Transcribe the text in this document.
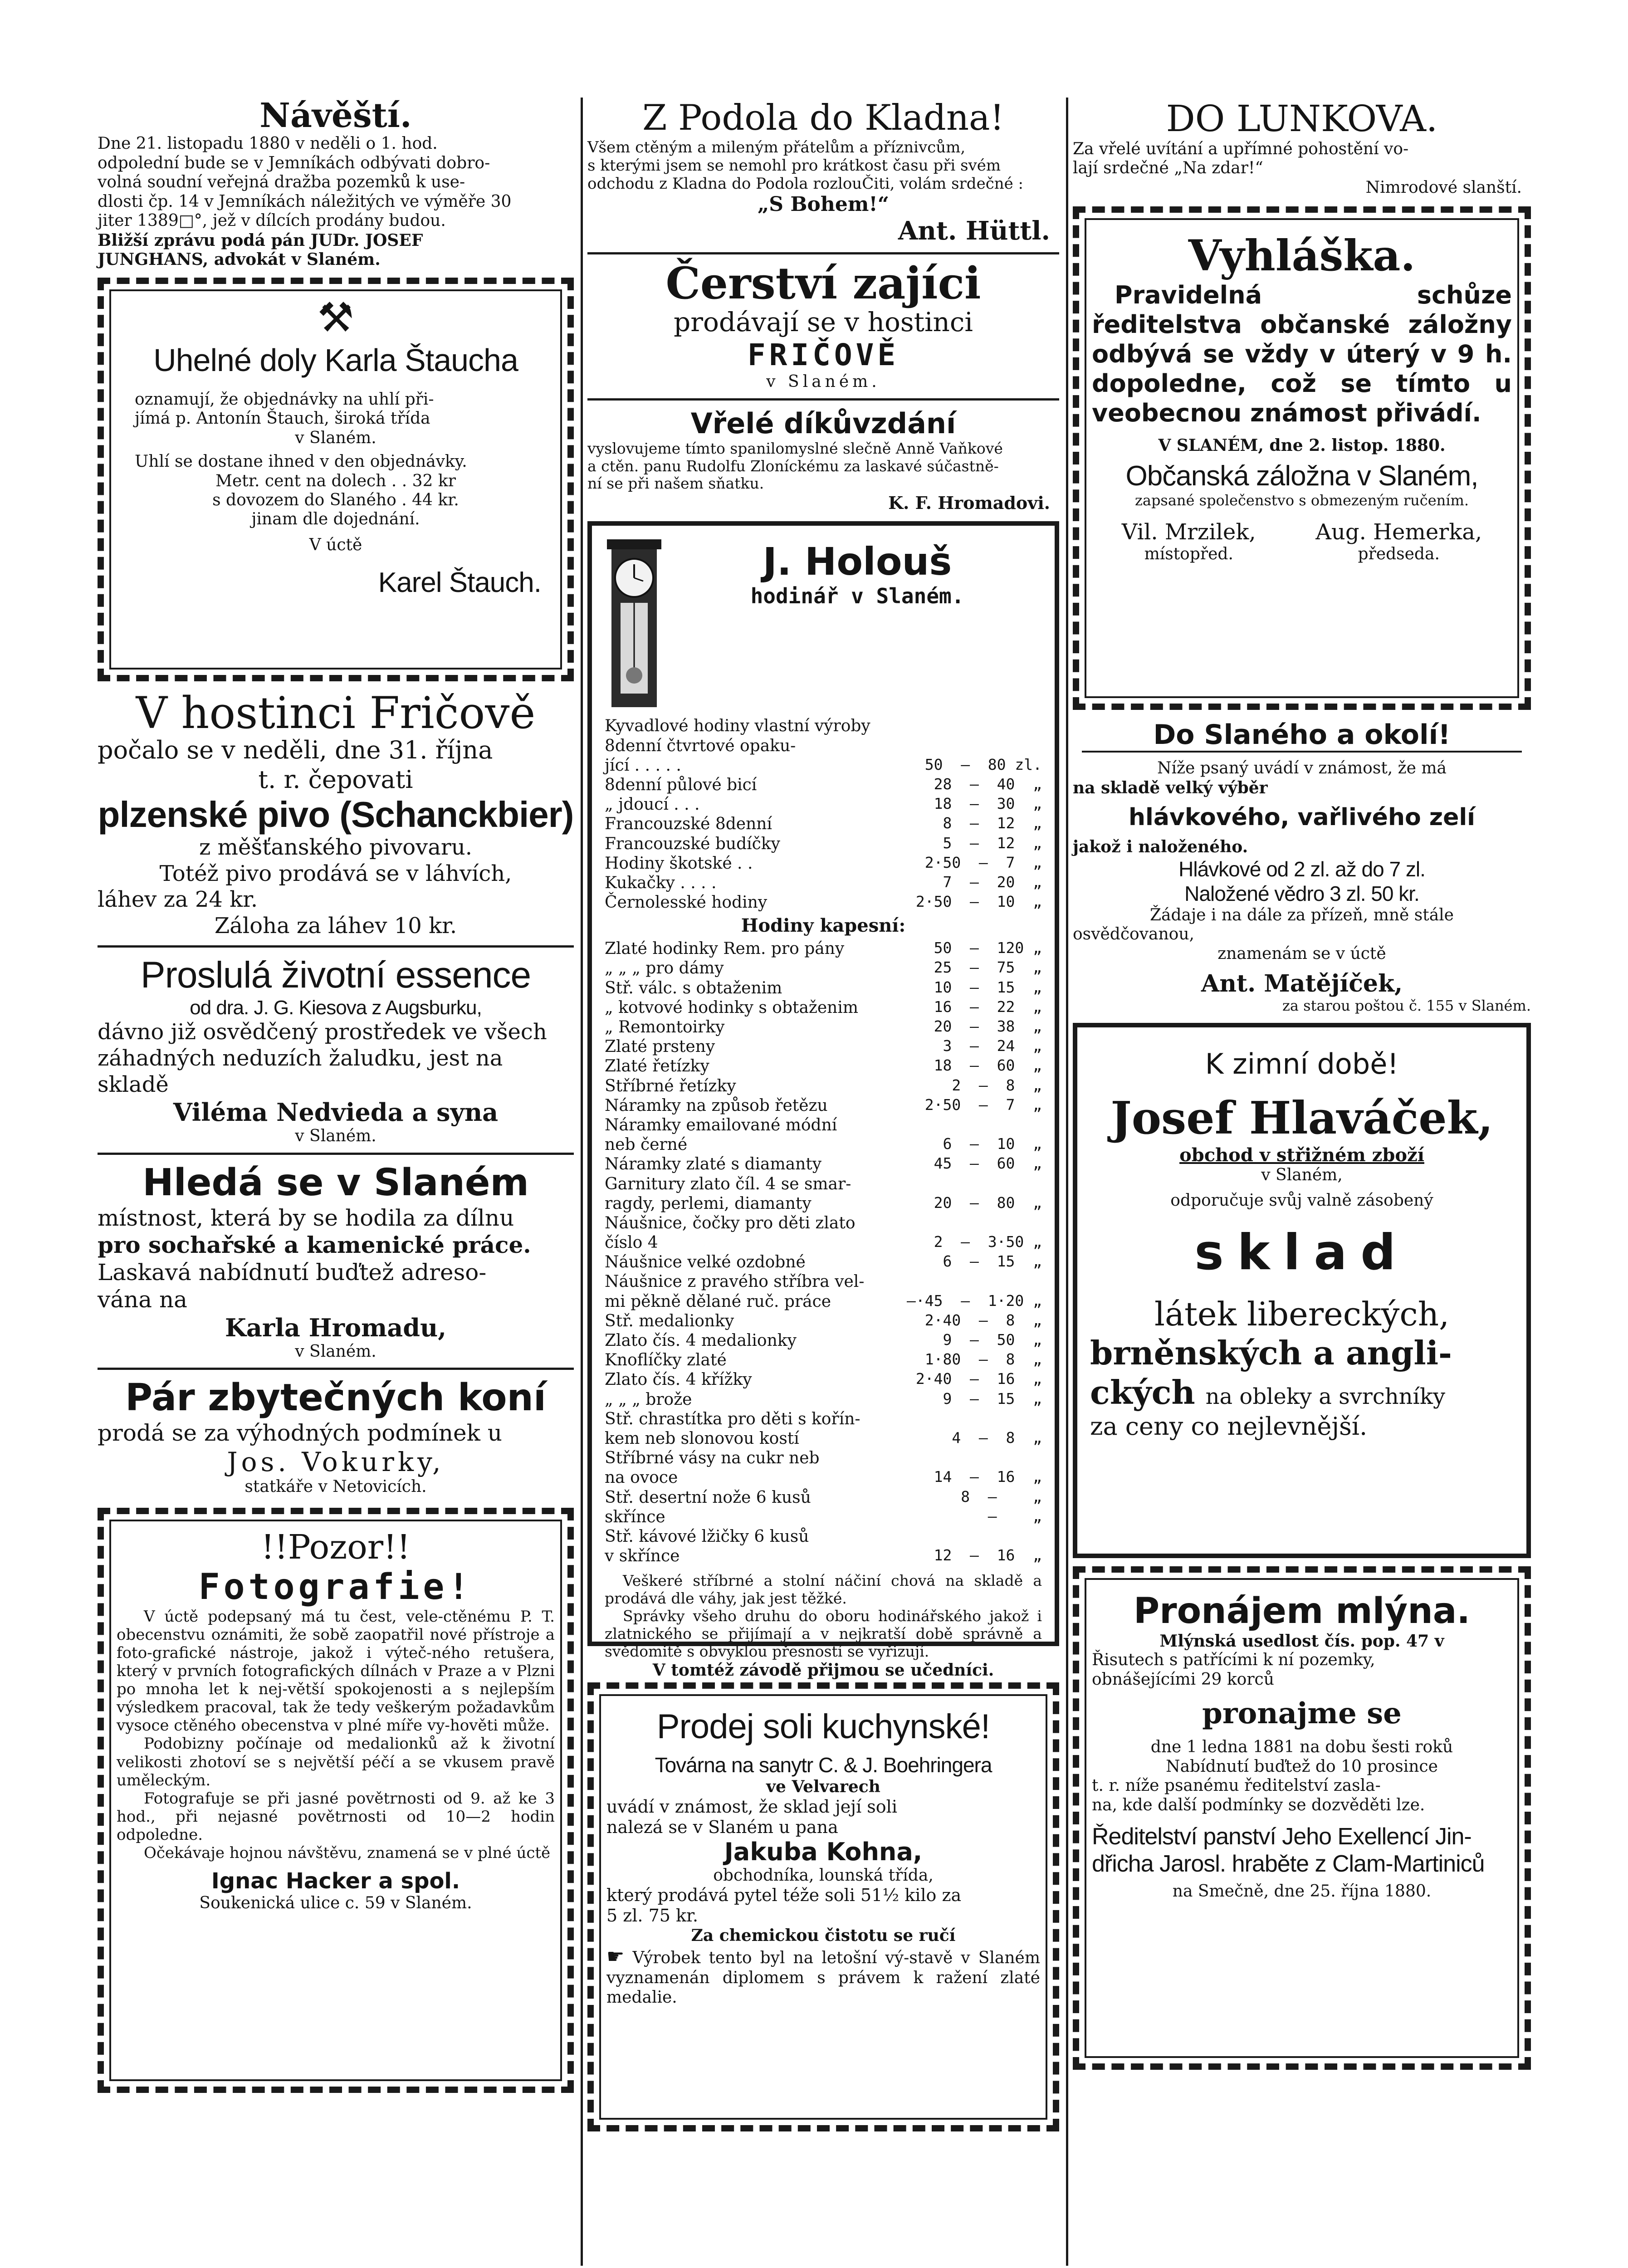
Návěští.

Dne 21. listopadu 1880 v neděli o 1. hod.

odpolední bude se v Jemníkách odbývati dobro-

volná soudní veřejná dražba pozemků k use-

dlosti čp. 14 v Jemníkách náležitých ve výměře 30

jiter 1389□°, jež v dílcích prodány budou.

Bližší zprávu podá pán JUDr. JOSEF

JUNGHANS, advokát v Slaném.

⚒

Uhelné doly Karla Štaucha

oznamují, že objednávky na uhlí při-

jímá p. Antonín Štauch, široká třída

v Slaném.

Uhlí se dostane ihned v den objednávky.

Metr. cent na dolech . . 32 kr

s dovozem do Slaného . 44 kr.

jinam dle dojednání.

V úctě

Karel Štauch.

V hostinci Fričově

počalo se v neděli, dne 31. října

t. r. čepovati

plzenské pivo (Schanckbier)

z měšťanského pivovaru.

Totéž pivo prodává se v láhvích,

láhev za 24 kr.

Záloha za láhev 10 kr.

Proslulá životní essence

od dra. J. G. Kiesova z Augsburku,

dávno již osvědčený prostředek ve všech

záhadných neduzích žaludku, jest na

skladě

Viléma Nedvieda a syna

v Slaném.

Hledá se v Slaném

místnost, která by se hodila za dílnu

pro sochařské a kamenické práce.

Laskavá nabídnutí buďtež adreso-

vána na

Karla Hromadu,

v Slaném.

Pár zbytečných koní

prodá se za výhodných podmínek u

Jos. Vokurky,

statkáře v Netovicích.

!!Pozor!!

Fotografie!

V úctě podepsaný má tu čest, vele-ctěnému P. T. obecenstvu oznámiti, že sobě zaopatřil nové přístroje a foto-grafické nástroje, jakož i výteč-ného retušera, který v prvních fotografických dílnách v Praze a v Plzni po mnoha let k nej-větší spokojenosti a s nejlepším výsledkem pracoval, tak že tedy veškerým požadavkům vysoce ctěného obecenstva v plné míře vy-hověti může.

Podobizny počínaje od medalionků až k životní velikosti zhotoví se s největší péčí a se vkusem pravě uměleckým.

Fotografuje se při jasné povětrnosti od 9. až ke 3 hod., při nejasné povětrnosti od 10—2 hodin odpoledne.

Očekávaje hojnou návštěvu, znamená se v plné úctě

Ignac Hacker a spol.

Soukenická ulice c. 59 v Slaném.

Z Podola do Kladna!

Všem ctěným a mileným přátelům a příznivcům,

s kterými jsem se nemohl pro krátkost času při svém

odchodu z Kladna do Podola rozlouČiti, volám srdečné :

„S Bohem!“

Ant. Hüttl.

Čerství zajíci

prodávají se v hostinci

FRIČOVĚ

v Slaném.

Vřelé díkůvzdání

vyslovujeme tímto spanilomyslné slečně Anně Vaňkové

a ctěn. panu Rudolfu Zloníckému za laskavé súčastně-

ní se při našem sňatku.

K. F. Hromadovi.

J. Holouš

hodinář v Slaném.

Kyvadlové hodiny vlastní výroby
8denní čtvrtové opaku-
jící . . . . .	50  —  80 zl.
8denní půlové bicí	28  —  40  „
„ jdoucí . . .	18  —  30  „
Francouzské 8denní	8  —  12  „
Francouzské budíčky	5  —  12  „
Hodiny škotské . .	2·50  —  7  „
Kukačky . . . .	7  —  20  „
Černolesské hodiny	2·50  —  10  „

Hodiny kapesní:

Zlaté hodinky Rem. pro pány	50  —  120 „
„ „ „ pro dámy	25  —  75  „
Stř. válc. s obtaženim	10  —  15  „
„ kotvové hodinky s obtaženim	16  —  22  „
„ Remontoirky	20  —  38  „
Zlaté prsteny	3  —  24  „
Zlaté řetízky	18  —  60  „
Stříbrné řetízky	2  —  8  „
Náramky na způsob řetězu	2·50  —  7  „
Náramky emailované módní
neb černé	6  —  10  „
Náramky zlaté s diamanty	45  —  60  „
Garnitury zlato číl. 4 se smar-
ragdy, perlemi, diamanty	20  —  80  „
Náušnice, čočky pro děti zlato
číslo 4	2  —  3·50 „
Náušnice velké ozdobné	6  —  15  „
Náušnice z pravého stříbra vel-
mi pěkně dělané ruč. práce	—·45  —  1·20 „
Stř. medalionky	2·40  —  8  „
Zlato čís. 4 medalionky	9  —  50  „
Knoflíčky zlaté	1·80  —  8  „
Zlato čís. 4 křížky	2·40  —  16  „
„ „ „ brože	9  —  15  „
Stř. chrastítka pro děti s kořín-
kem neb slonovou kostí	4  —  8  „
Stříbrné vásy na cukr neb
na ovoce	14  —  16  „
Stř. desertní nože 6 kusů	8  —    „
skřínce	—    „
Stř. kávové lžičky 6 kusů
v skřínce	12  —  16  „

Veškeré stříbrné a stolní náčiní chová na skladě a prodává dle váhy, jak jest těžké.

Správky všeho druhu do oboru hodinářského jakož i zlatnického se přijímají a v nejkratší době správně a svědomitě s obvyklou přesností se vyřizují.

V tomtéž závodě přijmou se učedníci.

Prodej soli kuchynské!

Továrna na sanytr C. & J. Boehringera

ve Velvarech

uvádí v známost, že sklad její soli

nalezá se v Slaném u pana

Jakuba Kohna,

obchodníka, lounská třída,

který prodává pytel téže soli 51½ kilo za

5 zl. 75 kr.

Za chemickou čistotu se ručí

☛ Výrobek tento byl na letošní vý-stavě v Slaném vyznamenán diplomem s právem k ražení zlaté medalie.

DO LUNKOVA.

Za vřelé uvítání a upřímné pohostění vo-

lají srdečné „Na zdar!“

Nimrodové slanští.

Vyhláška.

Pravidelná schůze ředitelstva občanské záložny odbývá se vždy v úterý v 9 h. dopoledne, což se tímto u veobecnou známost přivádí.

V SLANÉM, dne 2. listop. 1880.

Občanská záložna v Slaném,

zapsané společenstvo s obmezeným ručením.

Vil. Mrzilek,

místopřed.

Aug. Hemerka,

předseda.

Do Slaného a okolí!

Níže psaný uvádí v známost, že má

na skladě velký výběr

hlávkového, vařlivého zelí

jakož i naloženého.

Hlávkové od 2 zl. až do 7 zl.

Naložené vědro 3 zl. 50 kr.

Žádaje i na dále za přízeň, mně stále

osvědčovanou,

znamenám se v úctě

Ant. Matějíček,

za starou poštou č. 155 v Slaném.

K zimní době!

Josef Hlaváček,

obchod v střižném zboží

v Slaném,

odporučuje svůj valně zásobený

sklad

látek libereckých,

brněnských a angli-

ckých na obleky a svrchníky

za ceny co nejlevnější.

Pronájem mlýna.

Mlýnská usedlost čís. pop. 47 v

Řisutech s patřícími k ní pozemky,

obnášejícími 29 korců

pronajme se

dne 1 ledna 1881 na dobu šesti roků

Nabídnutí buďtež do 10 prosince

t. r. níže psanému ředitelství zasla-

na, kde další podmínky se dozvěděti lze.

Ředitelství panství Jeho Exellencí Jin-

dřicha Jarosl. hraběte z Clam-Martiniců

na Smečně, dne 25. října 1880.
